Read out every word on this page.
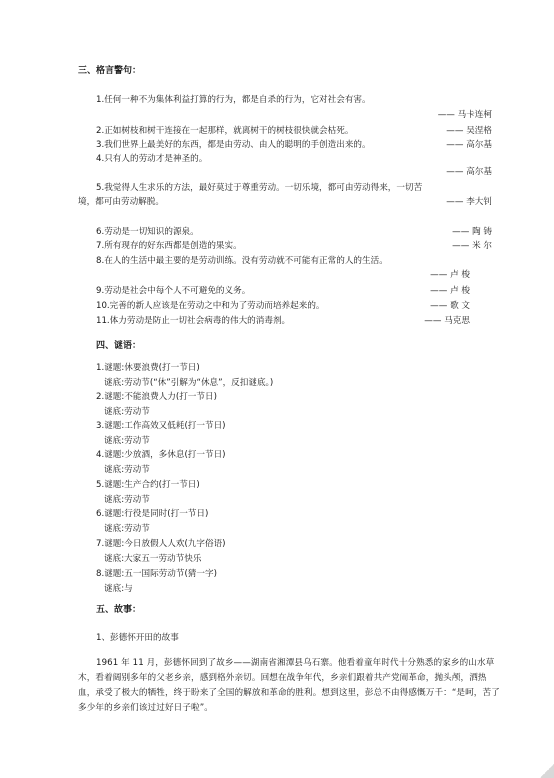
三、格言警句：
1.任何一种不为集体利益打算的行为，都是自杀的行为，它对社会有害。
—— 马卡连柯
2.正如树枝和树干连接在一起那样，就离树干的树枝很快就会枯死。	—— 吴涅格
3.我们世界上最美好的东西，都是由劳动、由人的聪明的手创造出来的。	—— 高尔基
4.只有人的劳动才是神圣的。
—— 高尔基
5.我觉得人生求乐的方法，最好莫过于尊重劳动。一切乐境，都可由劳动得来，一切苦
境，都可由劳动解脱。	—— 李大钊
6.劳动是一切知识的源泉。	—— 陶 铸
7.所有现存的好东西都是创造的果实。	—— 米 尔
8.在人的生活中最主要的是劳动训练。没有劳动就不可能有正常的人的生活。
—— 卢 梭
9.劳动是社会中每个人不可避免的义务。	—— 卢 梭
10.完善的新人应该是在劳动之中和为了劳动而培养起来的。	—— 歌 文
11.体力劳动是防止一切社会病毒的伟大的消毒剂。	—— 马克思
四、谜语：
1.谜题:休要浪费(打一节日)
谜底:劳动节(“休”引解为“休息”，反扣谜底。)
2.谜题:不能浪费人力(打一节日)
谜底:劳动节
3.谜题:工作高效又低耗(打一节日)
谜底:劳动节
4.谜题:少放酒，多休息(打一节日)
谜底:劳动节
5.谜题:生产合约(打一节日)
谜底:劳动节
6.谜题:行役是同时(打一节日)
谜底:劳动节
7.谜题:今日放假人人欢(九字俗语)
谜底:大家五一劳动节快乐
8.谜题:五一国际劳动节(猜一字)
谜底:与
五、故事：
1、彭德怀开田的故事
1961 年 11 月，彭德怀回到了故乡——湖南省湘潭县乌石寨。他看着童年时代十分熟悉的家乡的山水草木，看着阔别多年的父老乡亲，感到格外亲切。回想在战争年代，乡亲们跟着共产党闹革命，抛头颅，洒热血，承受了极大的牺牲，终于盼来了全国的解放和革命的胜利。想到这里，彭总不由得感慨万千：“是呵，苦了多少年的乡亲们该过过好日子啦”。
